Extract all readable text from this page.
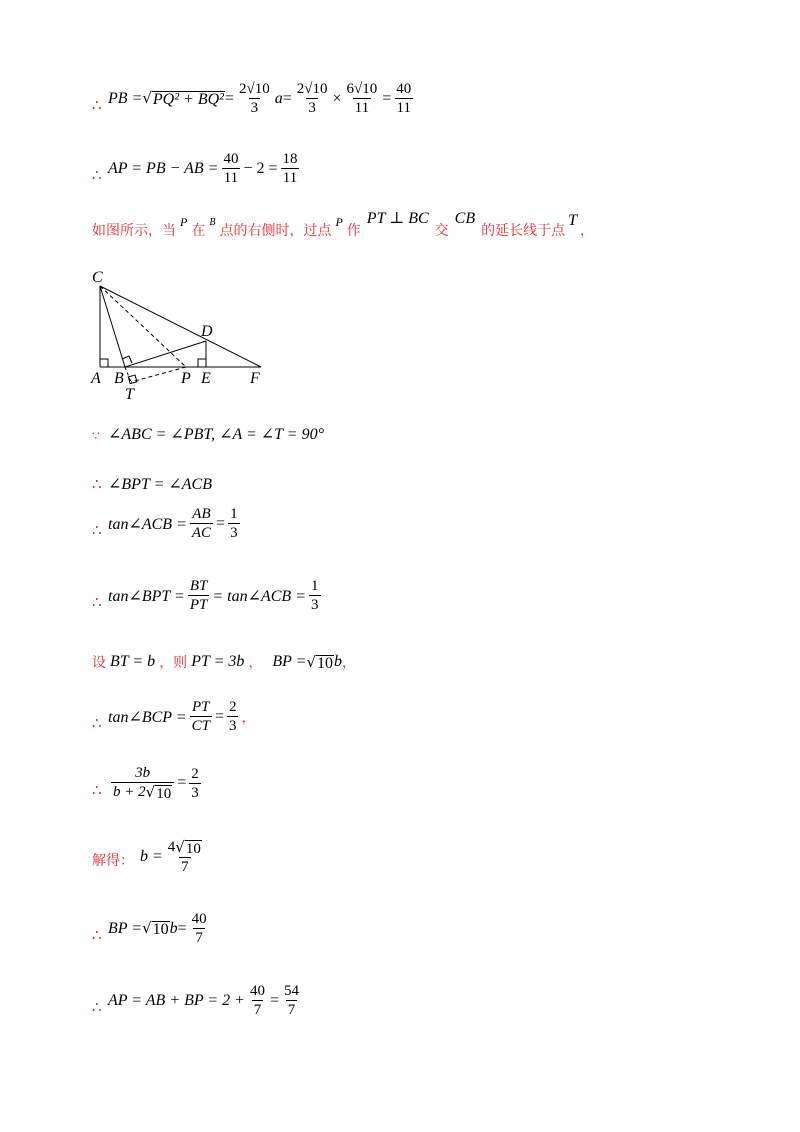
∴ PB = √ $PQ^2 + BQ^2 = \frac{2√10}{3}$ $a = \frac{2√10}{3} \times \frac{6√10}{11} = \frac{40}{11}$
∴ AP = PB − AB = $\frac{40}{11} - 2 = \frac{18}{11}$
如图所示，当
P
在
B
点的右侧时，过点
P
作
PT ⊥ BC
交
CB
的延长线于点
T
，
C
D
A B	P E F
T
∵ ∠ABC = ∠PBT, ∠A = ∠T = 90°
∴ ∠BPT = ∠ACB
∴ tan∠ACB = $\frac{AB}{AC} = \frac{1}{3}$
∴ tan∠BPT = $\frac{BT}{PT}$ = tan∠ACB = $\frac{1}{3}$
设 BT = b ，则 PT = 3b ， BP = √ 10 b ，
∴ tan∠BCP = $\frac{PT}{CT} = \frac{2}{3}$ ，
∴ $\frac{3b}{b + 2 √ 10} = \frac{2}{3}$
解得： $b = \frac{4 √ 10}{7}$
∴ BP = √ 10 $b = \frac{40}{7}$
∴ AP = AB + BP = $2 + \frac{40}{7} = \frac{54}{7}$
